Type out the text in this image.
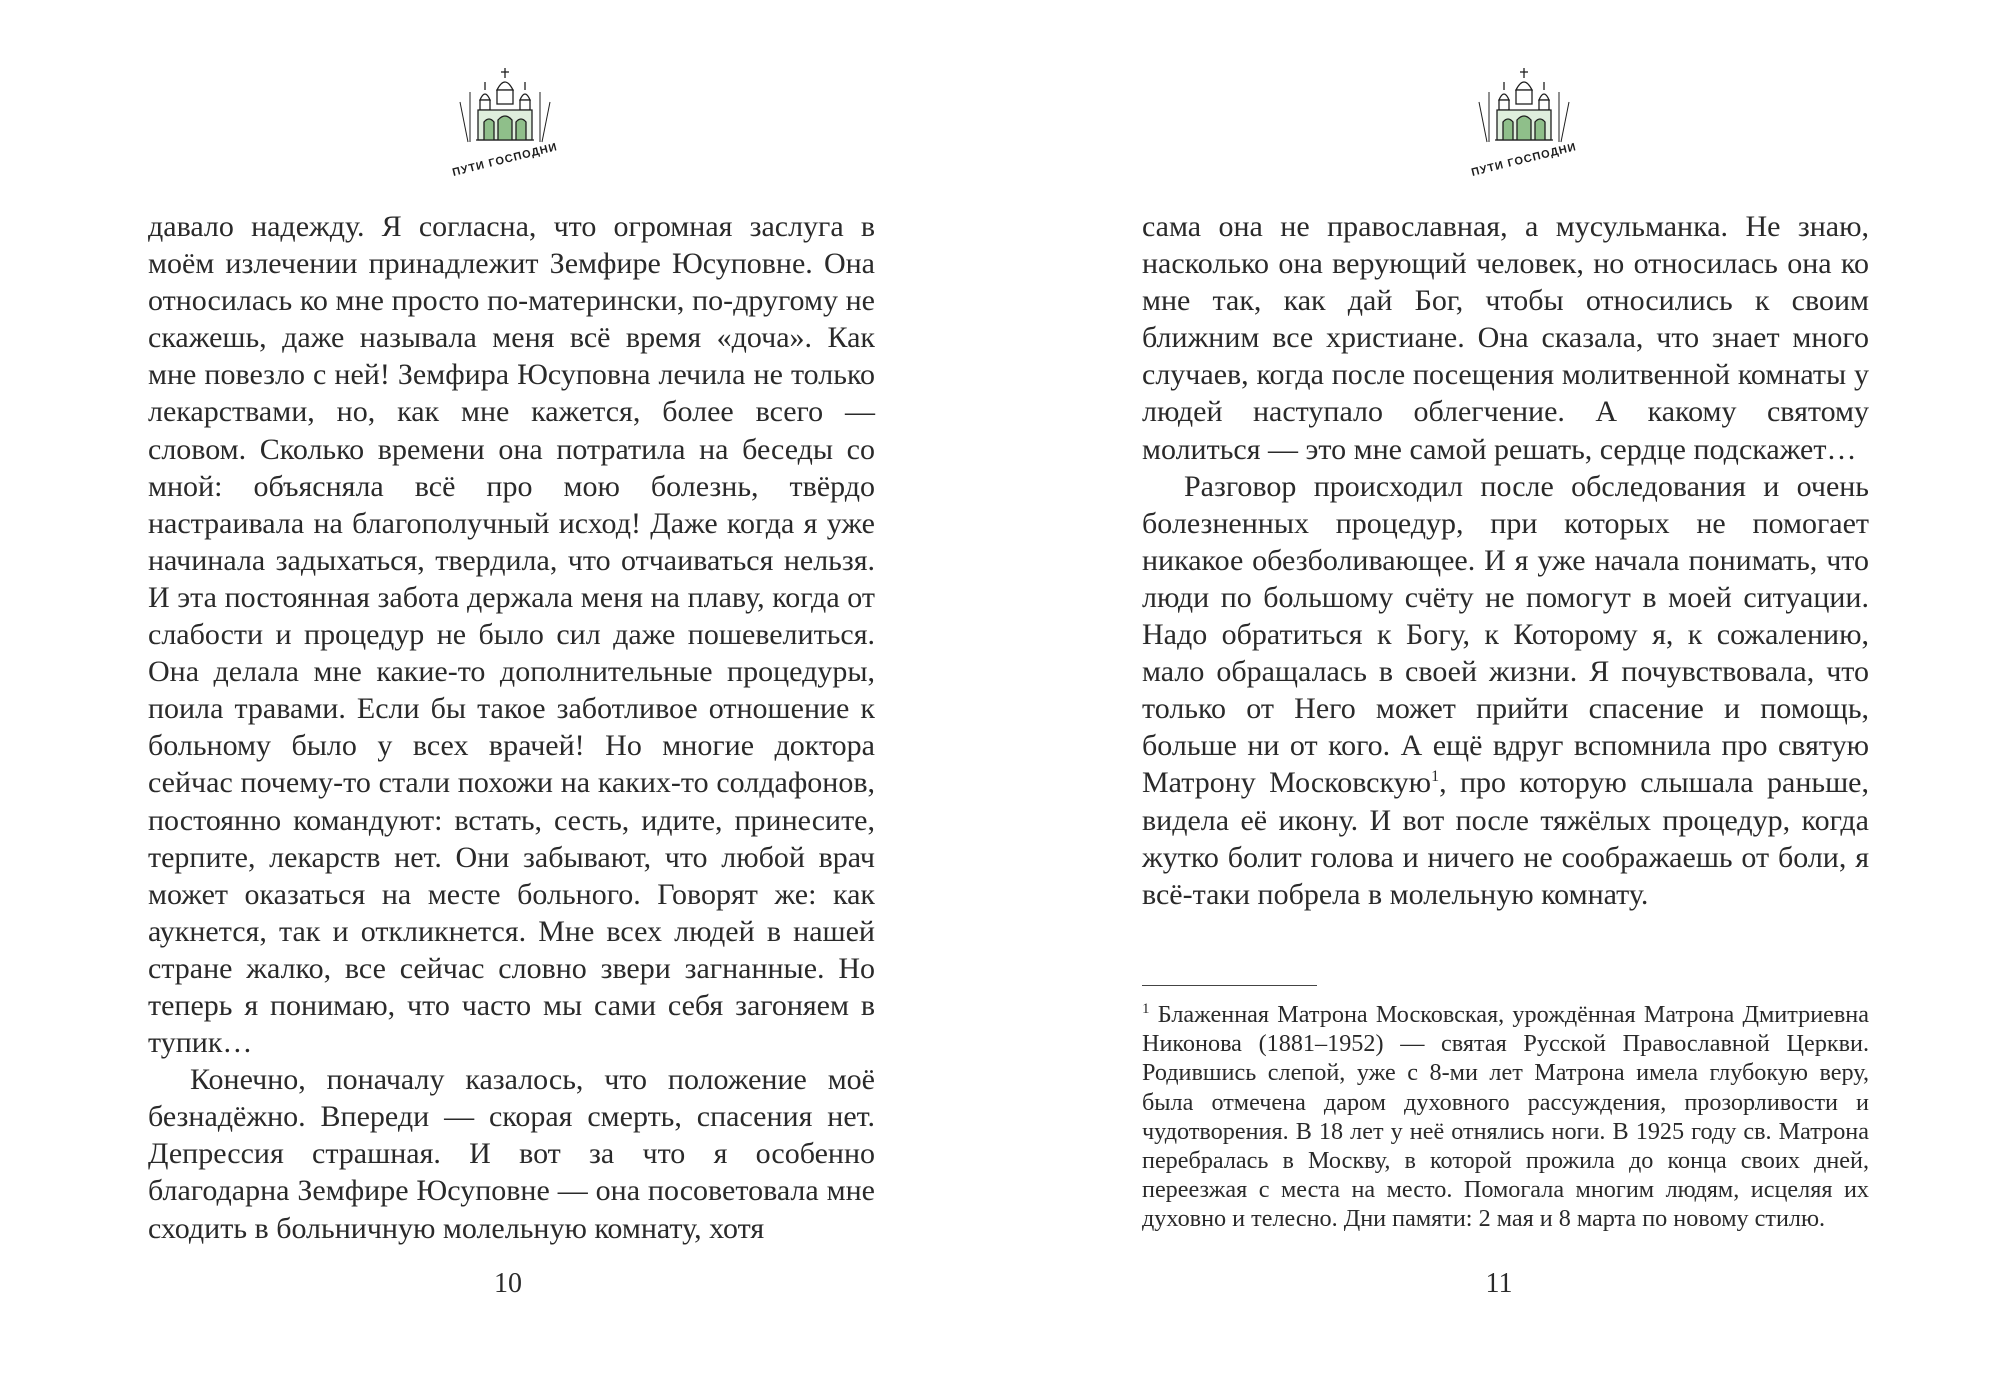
ПУТИ ГОСПОДНИ

давало надежду. Я согласна, что огромная заслуга в моём излечении принадлежит Земфире Юсуповне. Она относилась ко мне просто по-матерински, по-другому не скажешь, даже называла меня всё время «доча». Как мне повезло с ней! Земфира Юсуповна лечила не только лекарствами, но, как мне кажется, более всего — словом. Сколько времени она потратила на беседы со мной: объясняла всё про мою болезнь, твёрдо настраивала на благополучный исход! Даже когда я уже начинала задыхаться, твердила, что отчаиваться нельзя. И эта постоянная забота держала меня на плаву, когда от слабости и процедур не было сил даже пошевелиться. Она делала мне какие-то дополнительные процедуры, поила травами. Если бы такое заботливое отношение к больному было у всех врачей! Но многие доктора сейчас почему-то стали похожи на каких-то солдафонов, постоянно командуют: встать, сесть, идите, принесите, терпите, лекарств нет. Они забывают, что любой врач может оказаться на месте больного. Говорят же: как аукнется, так и откликнется. Мне всех людей в нашей стране жалко, все сейчас словно звери загнанные. Но теперь я понимаю, что часто мы сами себя загоняем в тупик…

Конечно, поначалу казалось, что положение моё безнадёжно. Впереди — скорая смерть, спасения нет. Депрессия страшная. И вот за что я особенно благодарна Земфире Юсуповне — она посоветовала мне сходить в больничную молельную комнату, хотя

10
ПУТИ ГОСПОДНИ

сама она не православная, а мусульманка. Не знаю, насколько она верующий человек, но относилась она ко мне так, как дай Бог, чтобы относились к своим ближним все христиане. Она сказала, что знает много случаев, когда после посещения молитвенной комнаты у людей наступало облегчение. А какому святому молиться — это мне самой решать, сердце подскажет…

Разговор происходил после обследования и очень болезненных процедур, при которых не помогает никакое обезболивающее. И я уже начала понимать, что люди по большому счёту не помогут в моей ситуации. Надо обратиться к Богу, к Которому я, к сожалению, мало обращалась в своей жизни. Я почувствовала, что только от Него может прийти спасение и помощь, больше ни от кого. А ещё вдруг вспомнила про святую Матрону Московскую$^1$, про которую слышала раньше, видела её икону. И вот после тяжёлых процедур, когда жутко болит голова и ничего не соображаешь от боли, я всё-таки побрела в молельную комнату.

$^1$ Блаженная Матрона Московская, урождённая Матрона Дмитриевна Никонова (1881–1952) — святая Русской Православной Церкви. Родившись слепой, уже с 8-ми лет Матрона имела глубокую веру, была отмечена даром духовного рассуждения, прозорливости и чудотворения. В 18 лет у неё отнялись ноги. В 1925 году св. Матрона перебралась в Москву, в которой прожила до конца своих дней, переезжая с места на место. Помогала многим людям, исцеляя их духовно и телесно. Дни памяти: 2 мая и 8 марта по новому стилю.

11
